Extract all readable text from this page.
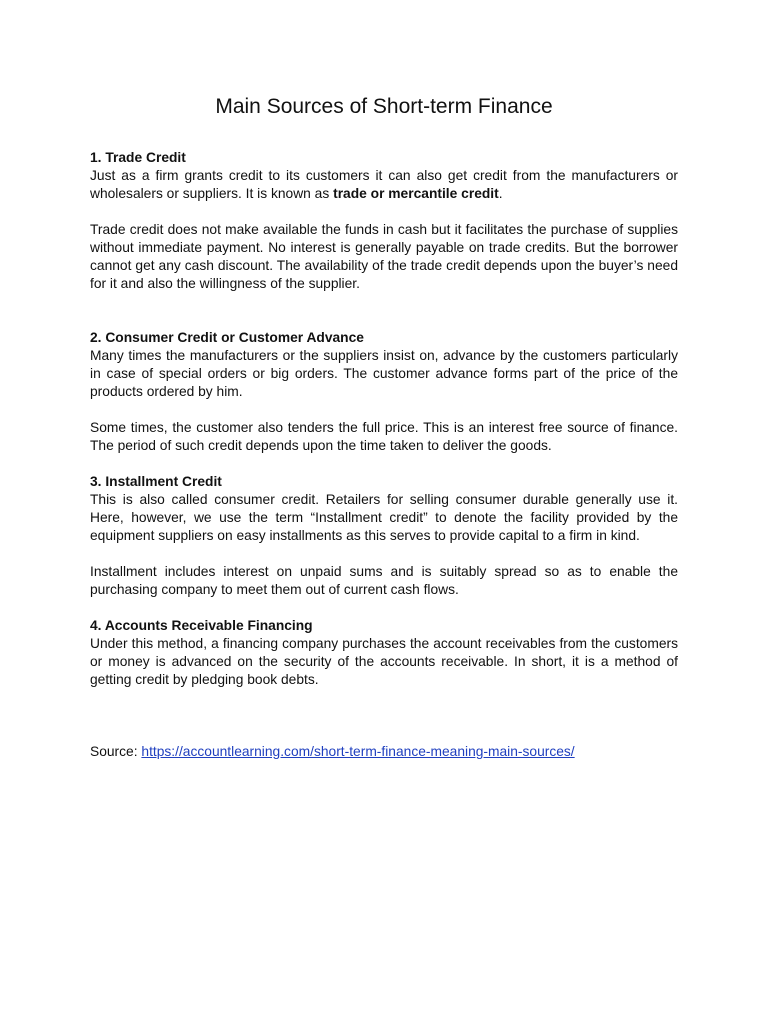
Main Sources of Short-term Finance

1. Trade Credit

Just as a firm grants credit to its customers it can also get credit from the manufacturers or wholesalers or suppliers. It is known as trade or mercantile credit.

Trade credit does not make available the funds in cash but it facilitates the purchase of supplies without immediate payment. No interest is generally payable on trade credits. But the borrower cannot get any cash discount. The availability of the trade credit depends upon the buyer’s need for it and also the willingness of the supplier.

2. Consumer Credit or Customer Advance

Many times the manufacturers or the suppliers insist on, advance by the customers particularly in case of special orders or big orders. The customer advance forms part of the price of the products ordered by him.

Some times, the customer also tenders the full price. This is an interest free source of finance. The period of such credit depends upon the time taken to deliver the goods.

3. Installment Credit

This is also called consumer credit. Retailers for selling consumer durable generally use it. Here, however, we use the term “Installment credit” to denote the facility provided by the equipment suppliers on easy installments as this serves to provide capital to a firm in kind.

Installment includes interest on unpaid sums and is suitably spread so as to enable the purchasing company to meet them out of current cash flows.

4. Accounts Receivable Financing

Under this method, a financing company purchases the account receivables from the customers or money is advanced on the security of the accounts receivable. In short, it is a method of getting credit by pledging book debts.

Source: https://accountlearning.com/short-term-finance-meaning-main-sources/
